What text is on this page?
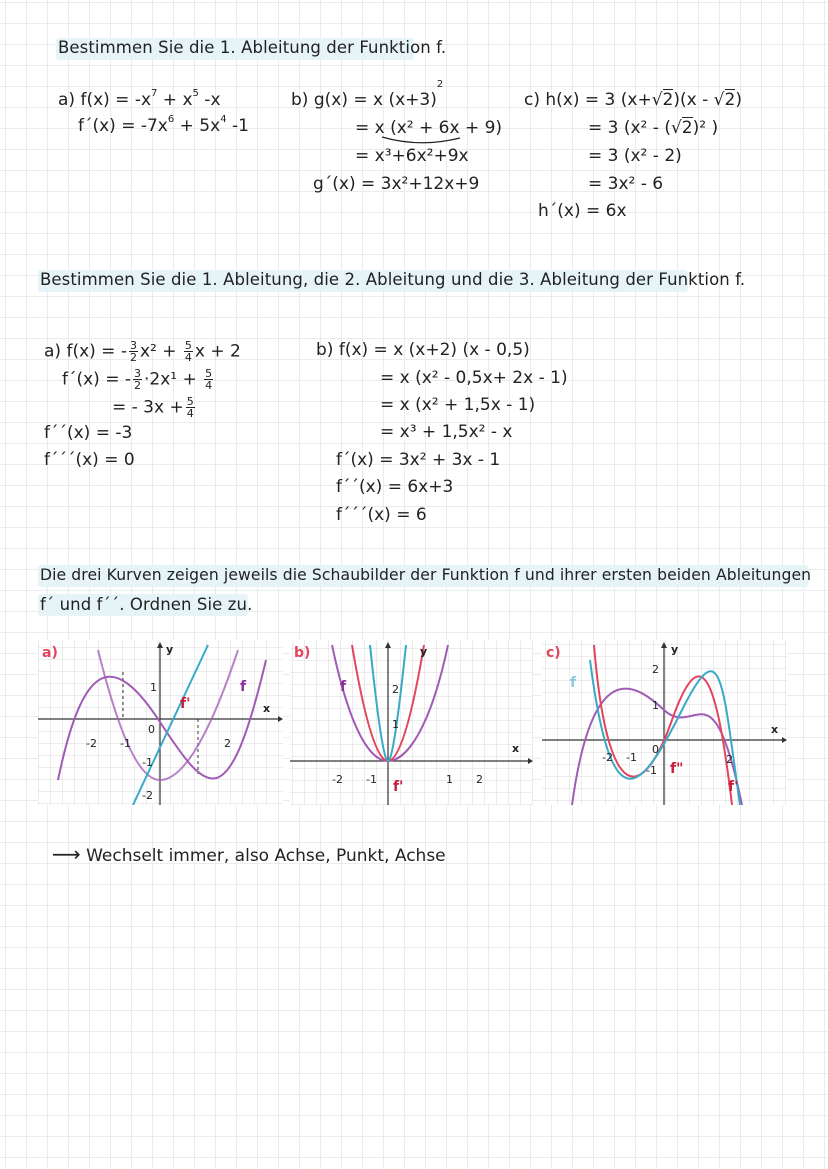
Bestimmen Sie die 1. Ableitung der Funktion f.
a) $f(x) = -x^7 + x^5$ -x
f´(x) = $-7x^6 + 5x^4$ -1
b) g(x) = x $(x+3)^2$
= x (x² + 6x + 9)
= x³+6x²+9x
g´(x) = 3x²+12x+9
c) h(x) = 3 (x+√2)(x - √2)
= 3 (x² - (√2)² )
= 3 (x² - 2)
= 3x² - 6
h´(x) = 6x
Bestimmen Sie die 1. Ableitung, die 2. Ableitung und die 3. Ableitung der Funktion f.
a) f(x) = - $\frac{3}{2} x^2 + \frac{5}{4}$ x + 2
f´(x) = - $\frac{3}{2} \cdot 2x^1 + \frac{5}{4}$
= - $3x + \frac{5}{4}$
f´´(x) = -3
f´´´(x) = 0
b) f(x) = x (x+2) (x - 0,5)
= x (x² - 0,5x+ 2x - 1)
= x (x² + 1,5x - 1)
= x³ + 1,5x² - x
f´(x) = 3x² + 3x - 1
f´´(x) = 6x+3
f´´´(x) = 6
Die drei Kurven zeigen jeweils die Schaubilder der Funktion f und ihrer ersten beiden Ableitungen
f´ und f´´. Ordnen Sie zu.
a)
f
f'	x
y
-2 -1
0
2
1
-1
-2
b)
f
f'
x
y
-2 -1	1 2
1
2
c)
f
f"
f'
x
y
-2 -1
0
2
1
2
-1
⟶ Wechselt immer, also Achse, Punkt, Achse
